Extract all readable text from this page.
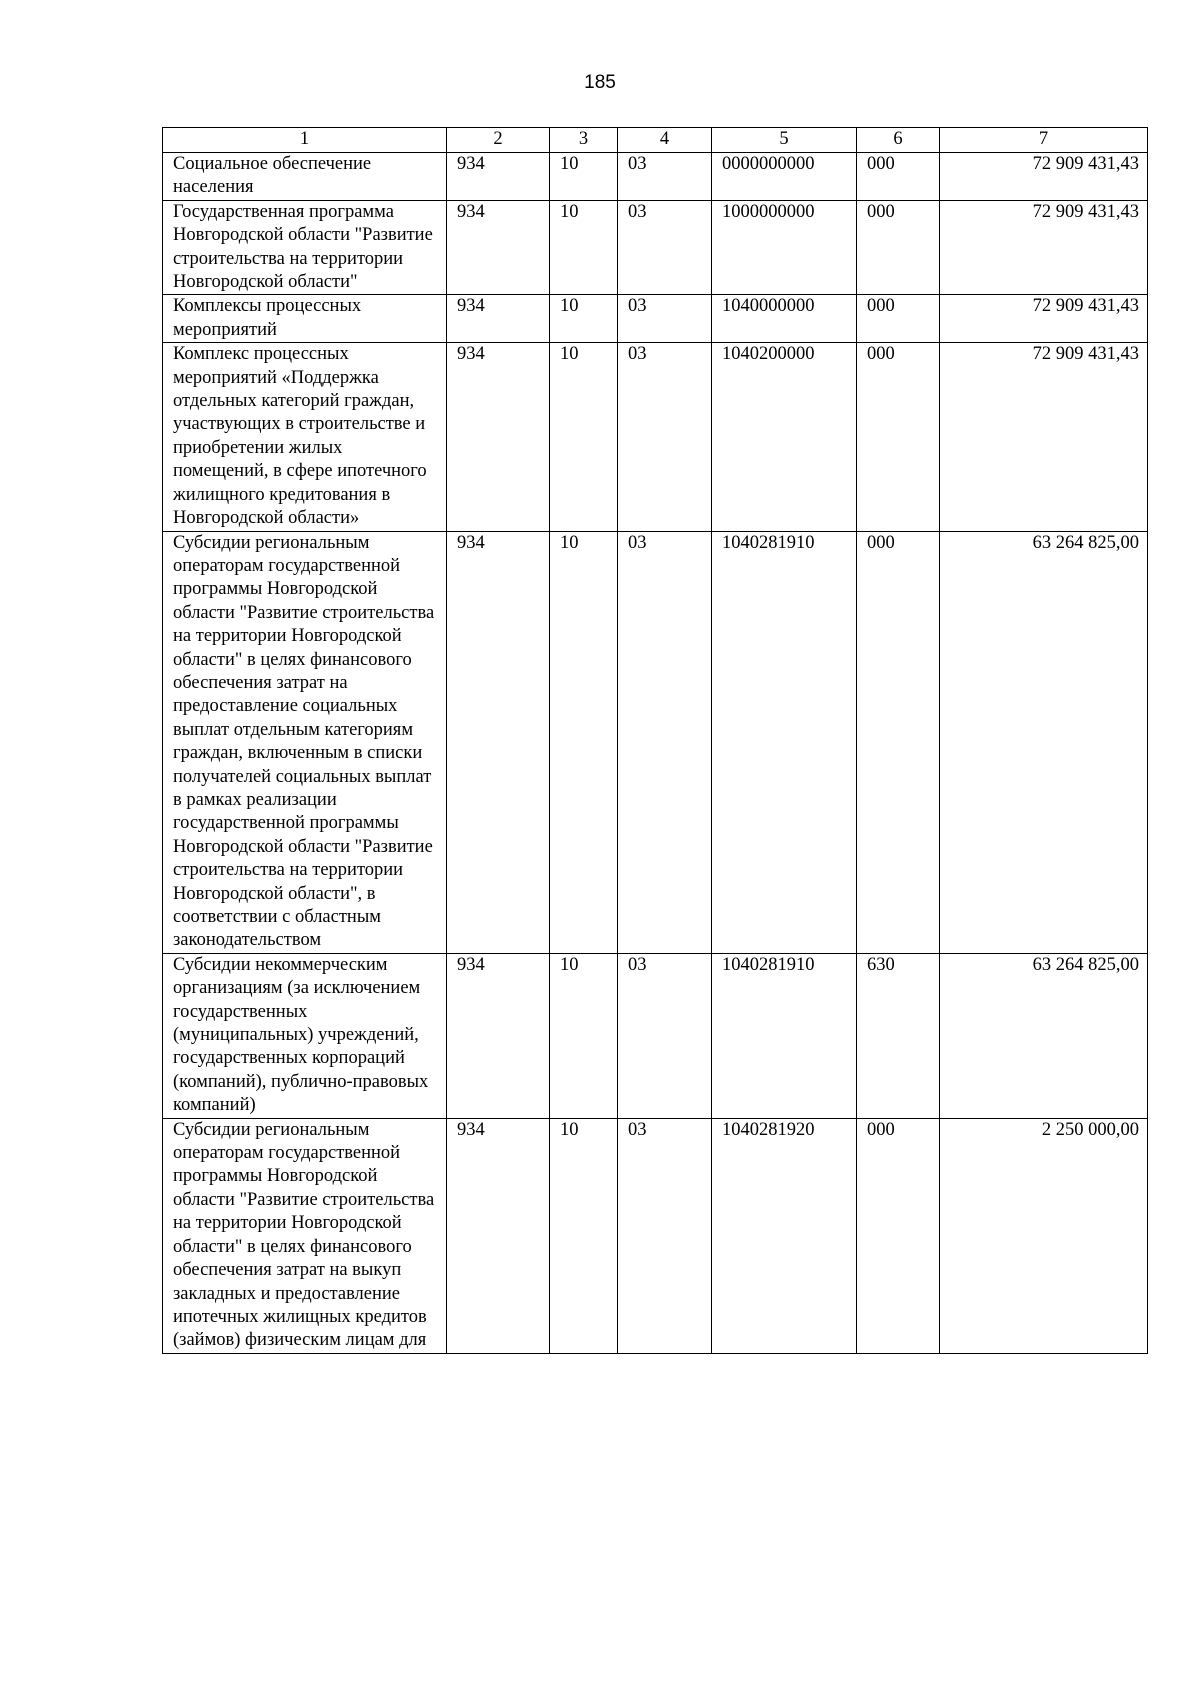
185
1	2	3	4	5	6	7
Социальное обеспечение населения	934	10	03	0000000000	000	72 909 431,43
Государственная программа Новгородской области "Развитие строительства на территории Новгородской области"	934	10	03	1000000000	000	72 909 431,43
Комплексы процессных мероприятий	934	10	03	1040000000	000	72 909 431,43
Комплекс процессных мероприятий «Поддержка отдельных категорий граждан, участвующих в строительстве и приобретении жилых помещений, в сфере ипотечного жилищного кредитования в Новгородской области»	934	10	03	1040200000	000	72 909 431,43
Субсидии региональным операторам государственной программы Новгородской области "Развитие строительства на территории Новгородской области" в целях финансового обеспечения затрат на предоставление социальных выплат отдельным категориям граждан, включенным в списки получателей социальных выплат в рамках реализации государственной программы Новгородской области "Развитие строительства на территории Новгородской области", в соответствии с областным законодательством	934	10	03	1040281910	000	63 264 825,00
Субсидии некоммерческим организациям (за исключением государственных (муниципальных) учреждений, государственных корпораций (компаний), публично-правовых компаний)	934	10	03	1040281910	630	63 264 825,00
Субсидии региональным операторам государственной программы Новгородской области "Развитие строительства на территории Новгородской области" в целях финансового обеспечения затрат на выкуп закладных и предоставление ипотечных жилищных кредитов (займов) физическим лицам для	934	10	03	1040281920	000	2 250 000,00
